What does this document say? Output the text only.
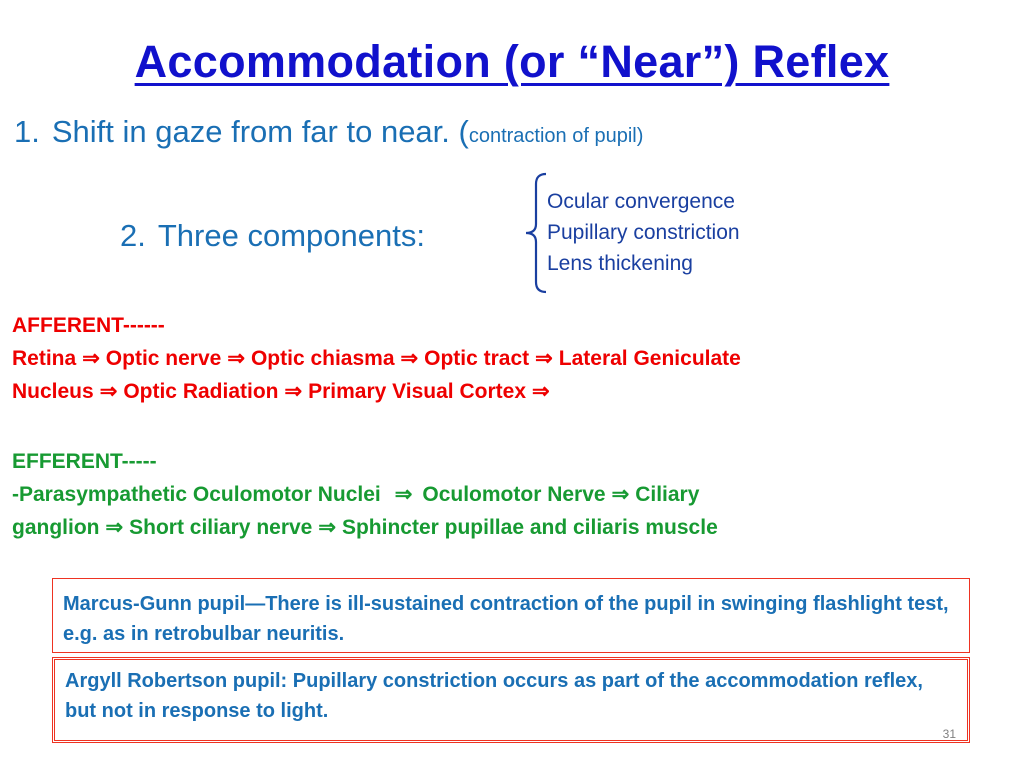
Accommodation (or “Near”) Reflex
1. Shift in gaze from far to near. (contraction of pupil)
2. Three components:
Ocular convergence
Pupillary constriction
Lens thickening
AFFERENT------
Retina ⇒ Optic nerve ⇒ Optic chiasma ⇒ Optic tract ⇒ Lateral Geniculate
Nucleus ⇒ Optic Radiation ⇒ Primary Visual Cortex ⇒
EFFERENT-----
-Parasympathetic Oculomotor Nuclei ⇒ Oculomotor Nerve ⇒ Ciliary
ganglion ⇒ Short ciliary nerve ⇒ Sphincter pupillae and ciliaris muscle
Marcus-Gunn pupil—There is ill-sustained contraction of the pupil in swinging flashlight test, e.g. as in retrobulbar neuritis.
Argyll Robertson pupil: Pupillary constriction occurs as part of the accommodation reflex, but not in response to light.
31
